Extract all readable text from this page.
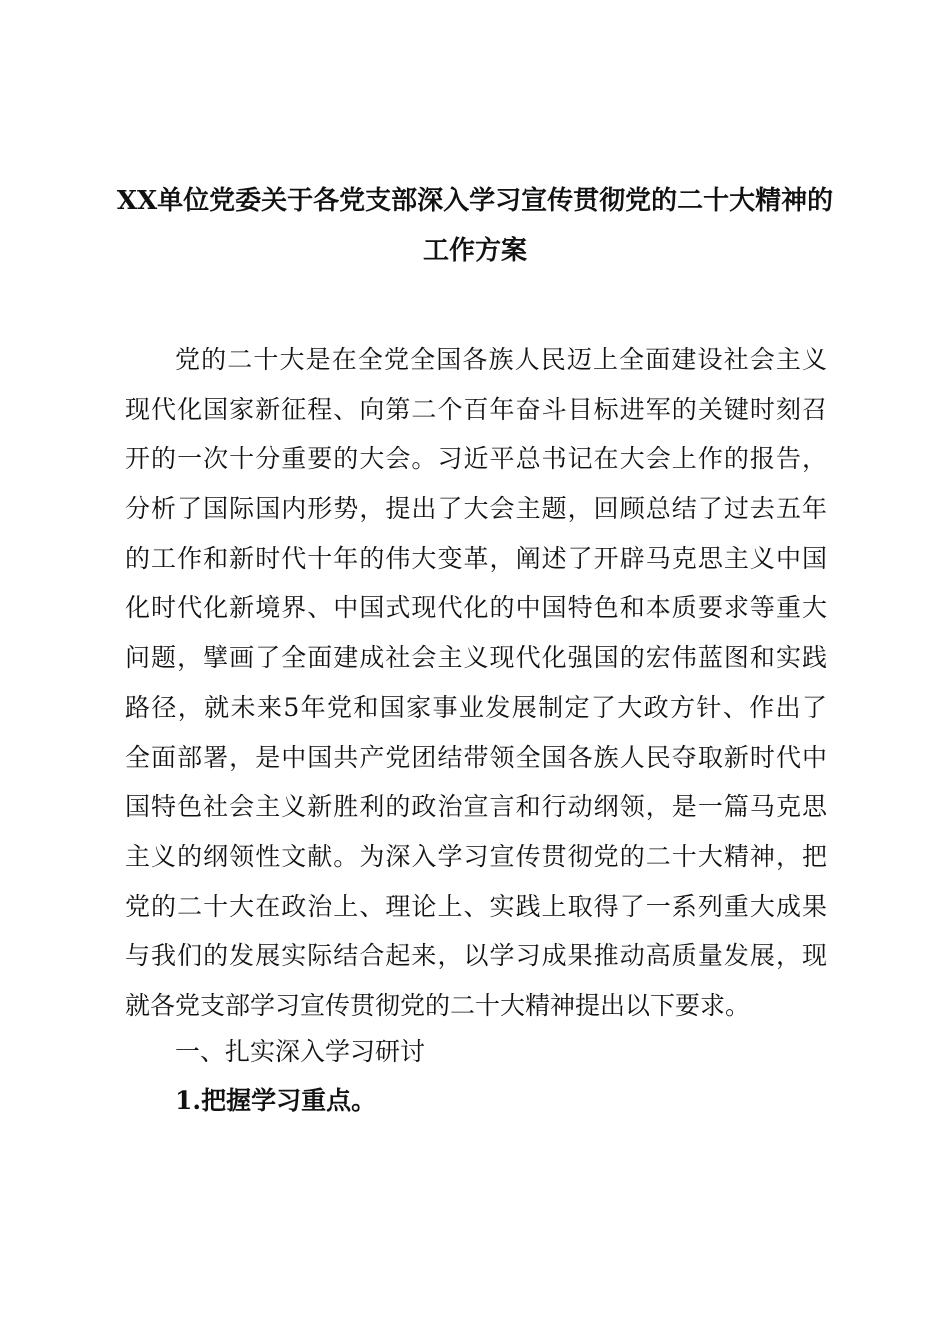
XX单位党委关于各党支部深入学习宣传贯彻党的二十大精神的
工作方案
党的二十大是在全党全国各族人民迈上全面建设社会主义
现代化国家新征程、向第二个百年奋斗目标进军的关键时刻召
开的一次十分重要的大会。习近平总书记在大会上作的报告，
分析了国际国内形势，提出了大会主题，回顾总结了过去五年
的工作和新时代十年的伟大变革，阐述了开辟马克思主义中国
化时代化新境界、中国式现代化的中国特色和本质要求等重大
问题，擘画了全面建成社会主义现代化强国的宏伟蓝图和实践
路径，就未来5年党和国家事业发展制定了大政方针、作出了
全面部署，是中国共产党团结带领全国各族人民夺取新时代中
国特色社会主义新胜利的政治宣言和行动纲领，是一篇马克思
主义的纲领性文献。为深入学习宣传贯彻党的二十大精神，把
党的二十大在政治上、理论上、实践上取得了一系列重大成果
与我们的发展实际结合起来，以学习成果推动高质量发展，现
就各党支部学习宣传贯彻党的二十大精神提出以下要求。
一、扎实深入学习研讨
1.把握学习重点。
